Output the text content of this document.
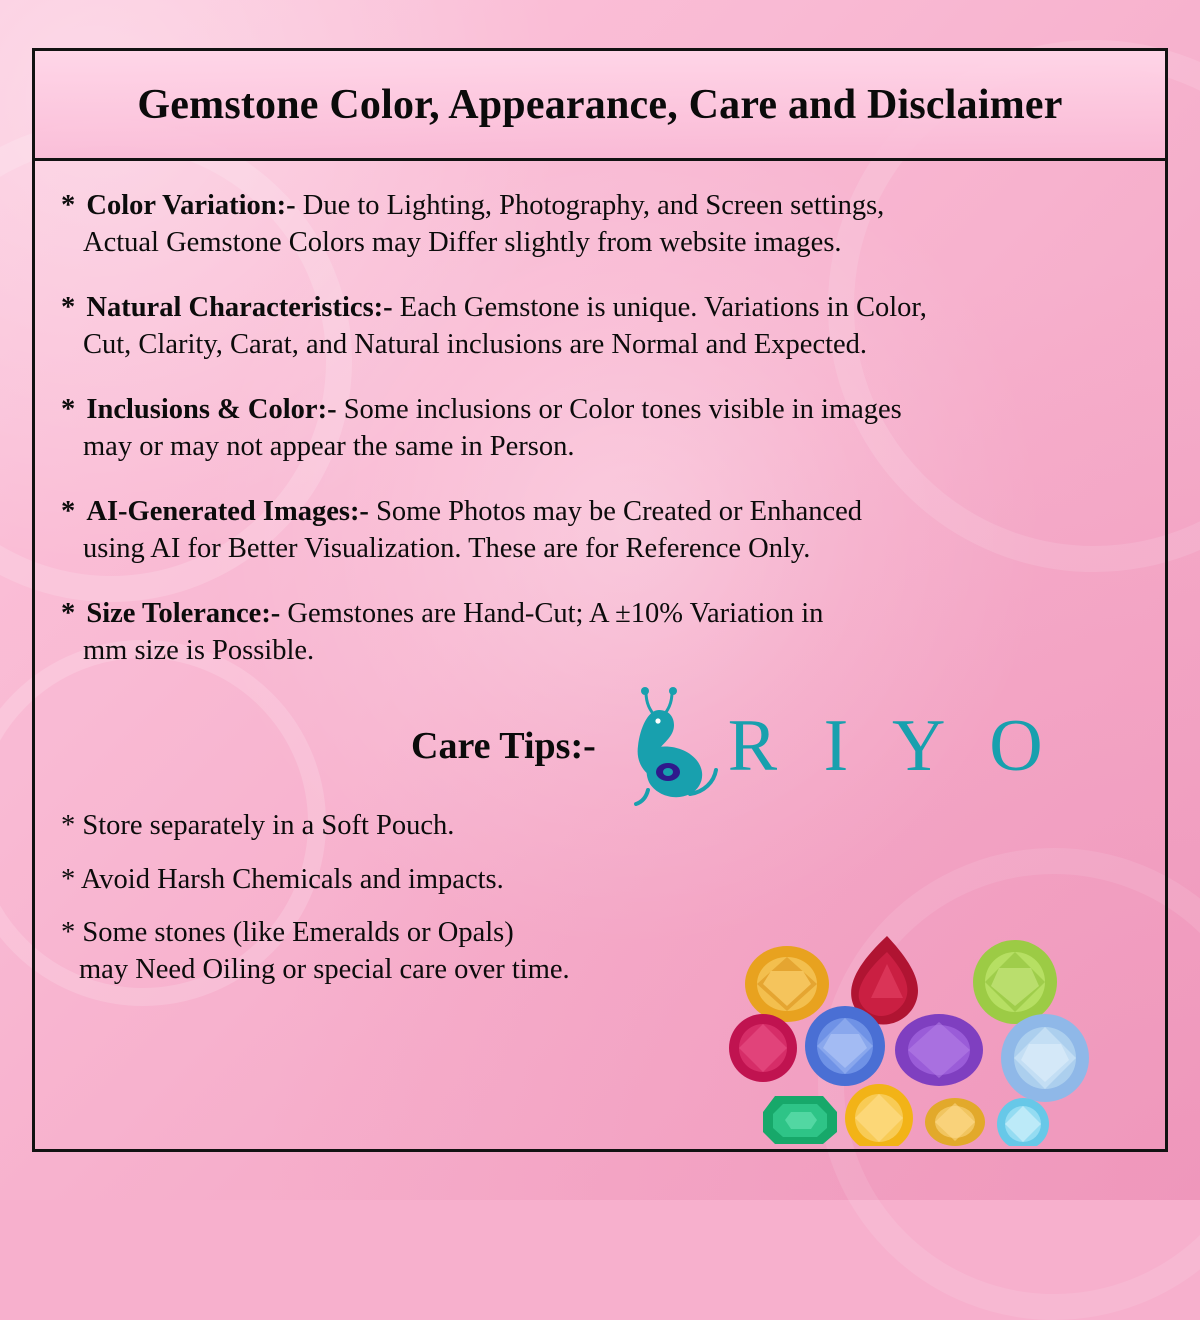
Gemstone Color, Appearance, Care and Disclaimer

* Color Variation:- Due to Lighting, Photography, and Screen settings,
Actual Gemstone Colors may Differ slightly from website images.

* Natural Characteristics:- Each Gemstone is unique. Variations in Color,
Cut, Clarity, Carat, and Natural inclusions are Normal and Expected.

* Inclusions & Color:- Some inclusions or Color tones visible in images
may or may not appear the same in Person.

* AI-Generated Images:- Some Photos may be Created or Enhanced
using AI for Better Visualization. These are for Reference Only.

* Size Tolerance:- Gemstones are Hand-Cut; A ±10% Variation in
mm size is Possible.

Care Tips:- R I Y O

* Store separately in a Soft Pouch.

* Avoid Harsh Chemicals and impacts.

* Some stones (like Emeralds or Opals)
may Need Oiling or special care over time.
